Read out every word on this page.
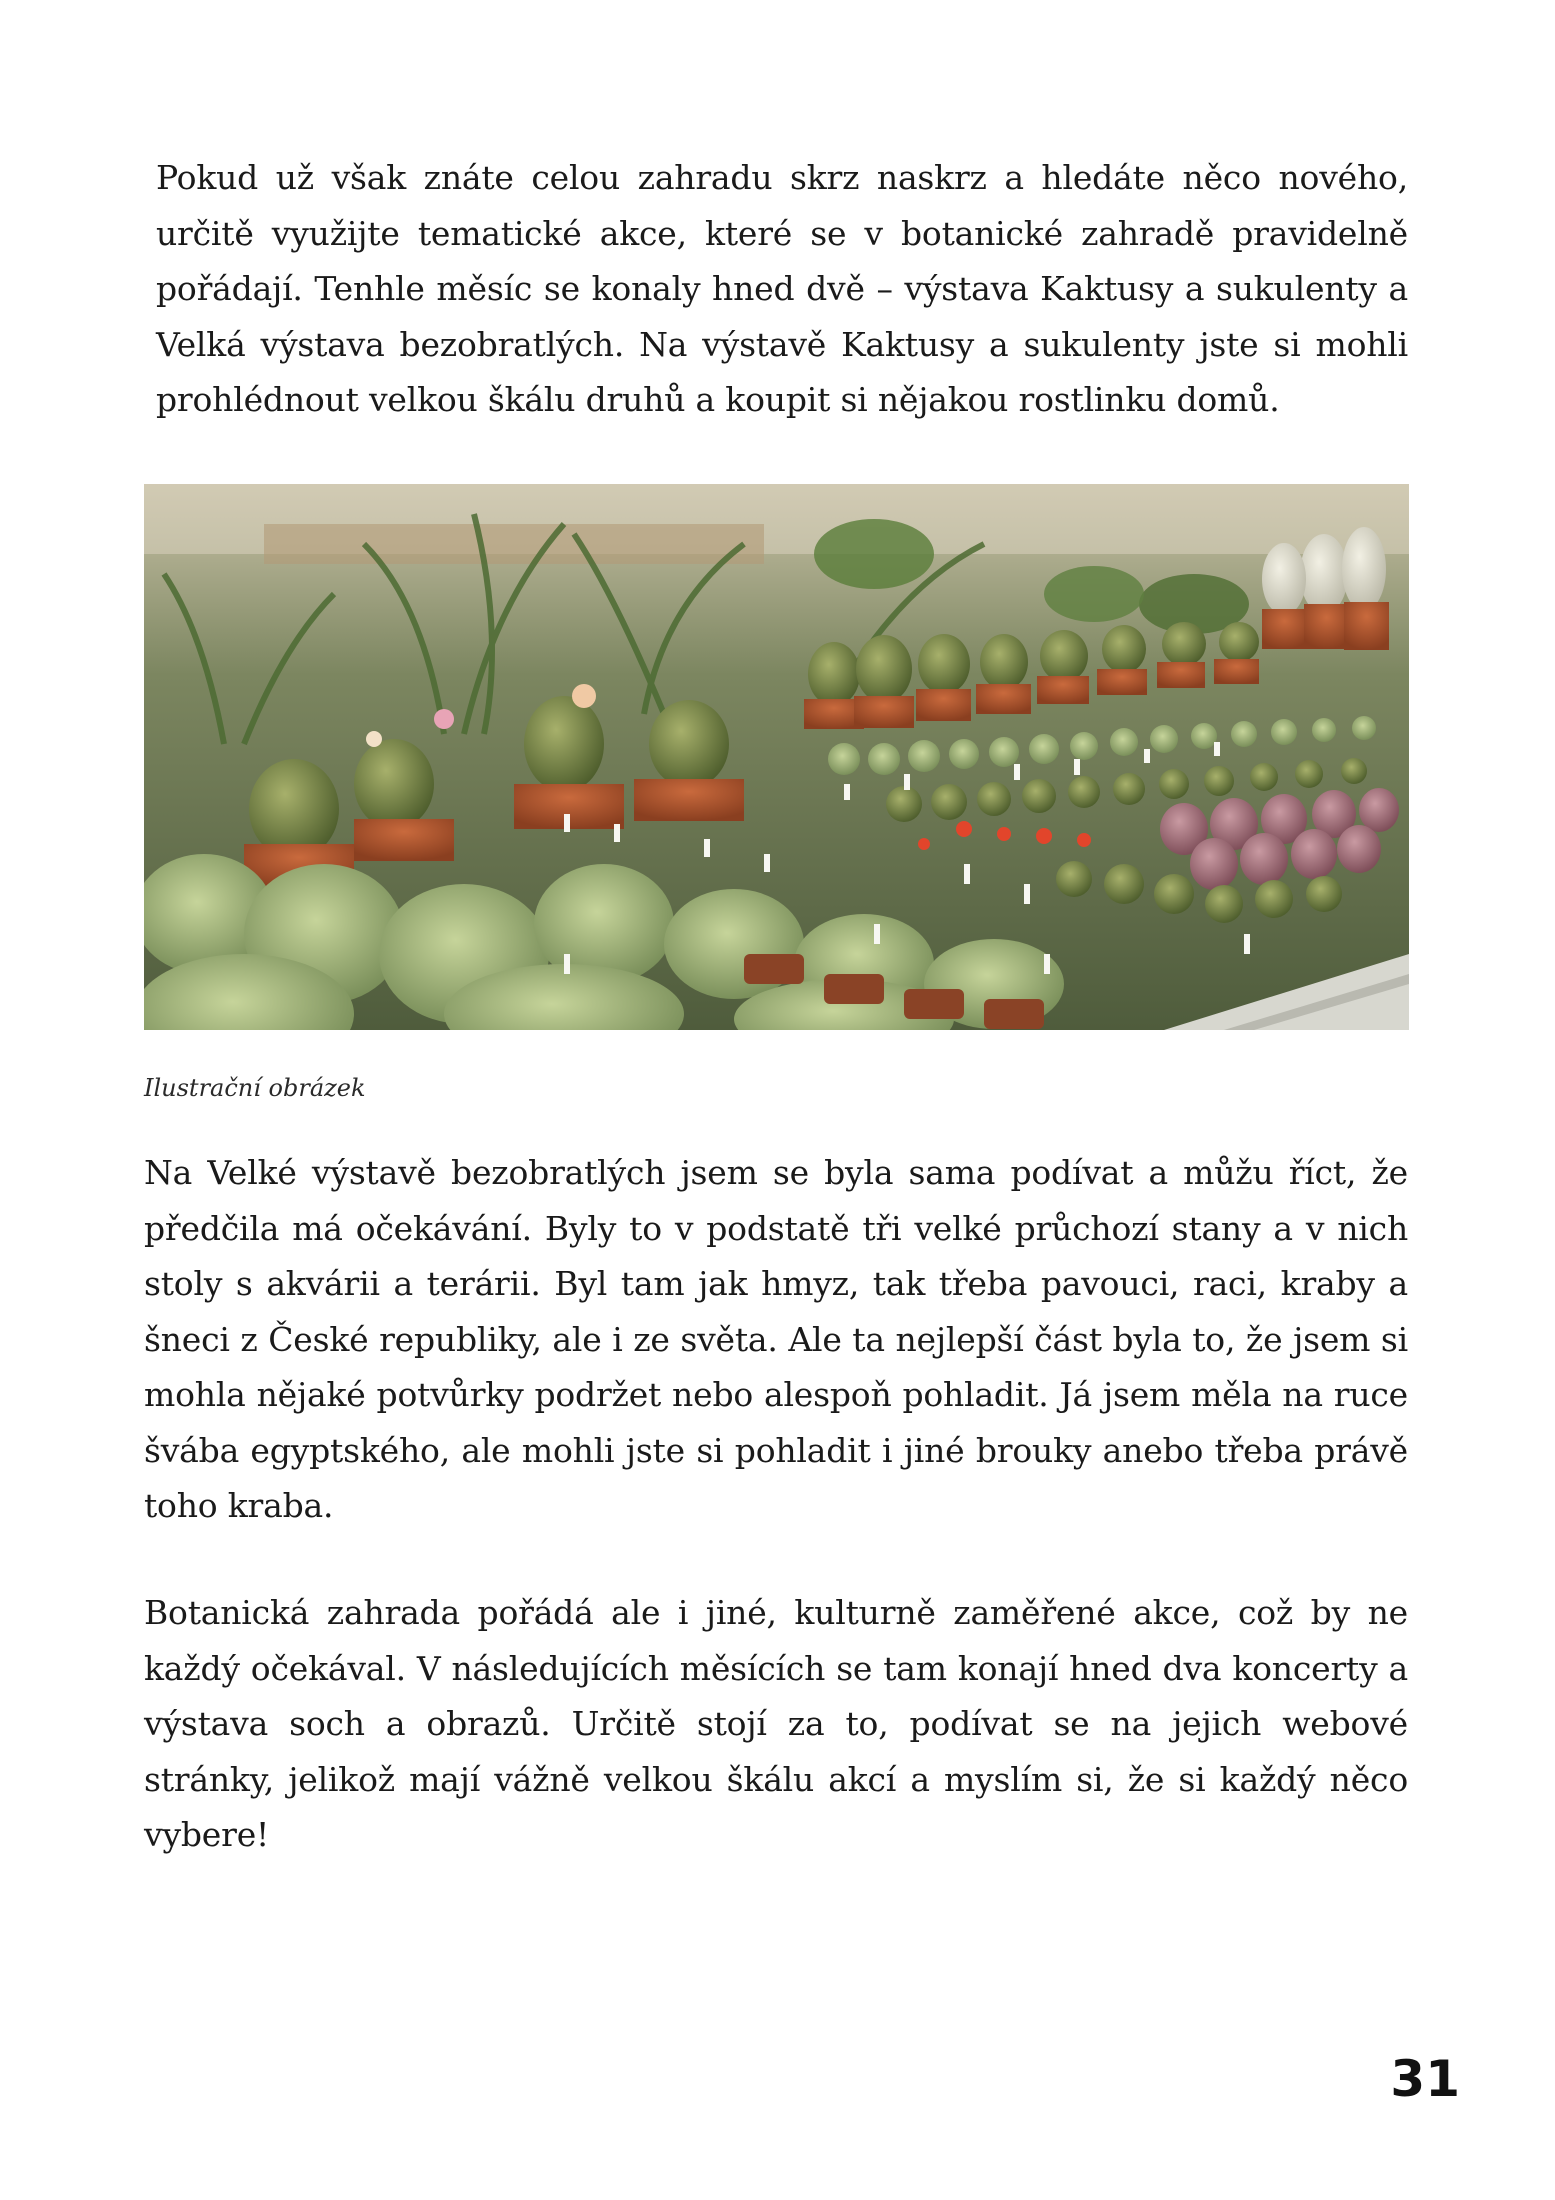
Pokud už však znáte celou zahradu skrz naskrz a hledáte něco nového, určitě využijte tematické akce, které se v botanické zahradě pravidelně pořádají. Tenhle měsíc se konaly hned dvě – výstava Kaktusy a sukulenty a Velká výstava bezobratlých. Na výstavě Kaktusy a sukulenty jste si mohli prohlédnout velkou škálu druhů a koupit si nějakou rostlinku domů.

Ilustrační obrázek

Na Velké výstavě bezobratlých jsem se byla sama podívat a můžu říct, že předčila má očekávání. Byly to v podstatě tři velké průchozí stany a v nich stoly s akvárii a terárii. Byl tam jak hmyz, tak třeba pavouci, raci, kraby a šneci z České republiky, ale i ze světa. Ale ta nejlepší část byla to, že jsem si mohla nějaké potvůrky podržet nebo alespoň pohladit. Já jsem měla na ruce švába egyptského, ale mohli jste si pohladit i jiné brouky anebo třeba právě toho kraba.

Botanická zahrada pořádá ale i jiné, kulturně zaměřené akce, což by ne každý očekával. V následujících měsících se tam konají hned dva koncerty a výstava soch a obrazů. Určitě stojí za to, podívat se na jejich webové stránky, jelikož mají vážně velkou škálu akcí a myslím si, že si každý něco vybere!

31
